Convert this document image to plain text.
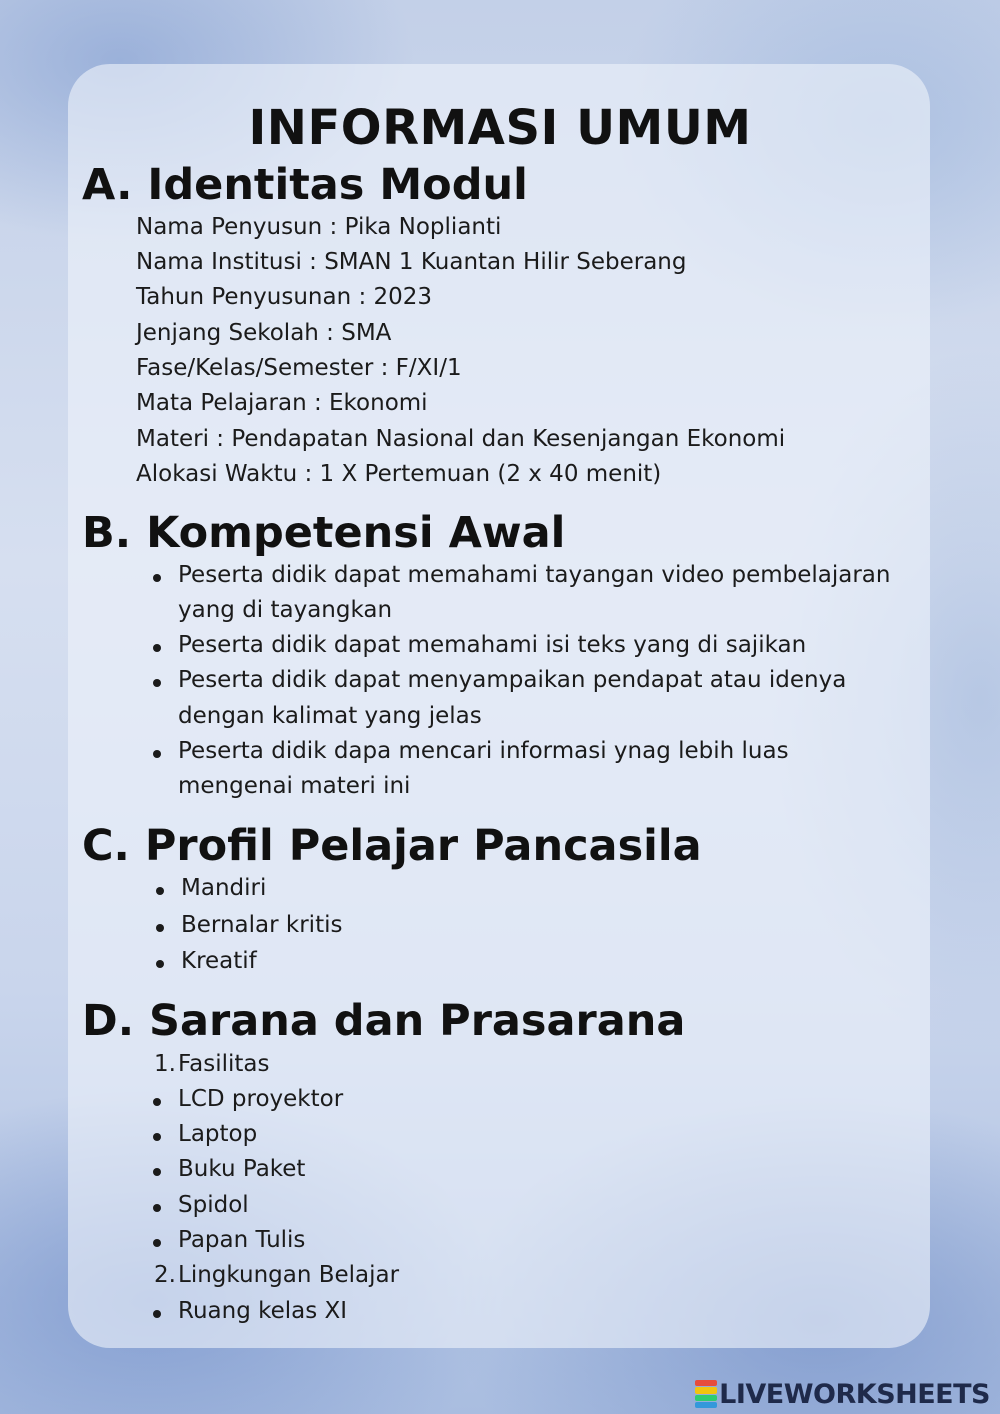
INFORMASI UMUM
A. Identitas Modul
Nama Penyusun : Pika Noplianti
Nama Institusi : SMAN 1 Kuantan Hilir Seberang
Tahun Penyusunan : 2023
Jenjang Sekolah : SMA
Fase/Kelas/Semester : F/XI/1
Mata Pelajaran : Ekonomi
Materi : Pendapatan Nasional dan Kesenjangan Ekonomi
Alokasi Waktu : 1 X Pertemuan (2 x 40 menit)
B. Kompetensi Awal
Peserta didik dapat memahami tayangan video pembelajaran
yang di tayangkan
Peserta didik dapat memahami isi teks yang di sajikan
Peserta didik dapat menyampaikan pendapat atau idenya
dengan kalimat yang jelas
Peserta didik dapa mencari informasi ynag lebih luas
mengenai materi ini
C. Profil Pelajar Pancasila
Mandiri
Bernalar kritis
Kreatif
D. Sarana dan Prasarana
1. Fasilitas
LCD proyektor
Laptop
Buku Paket
Spidol
Papan Tulis
2. Lingkungan Belajar
Ruang kelas XI
LIVEWORKSHEETS
